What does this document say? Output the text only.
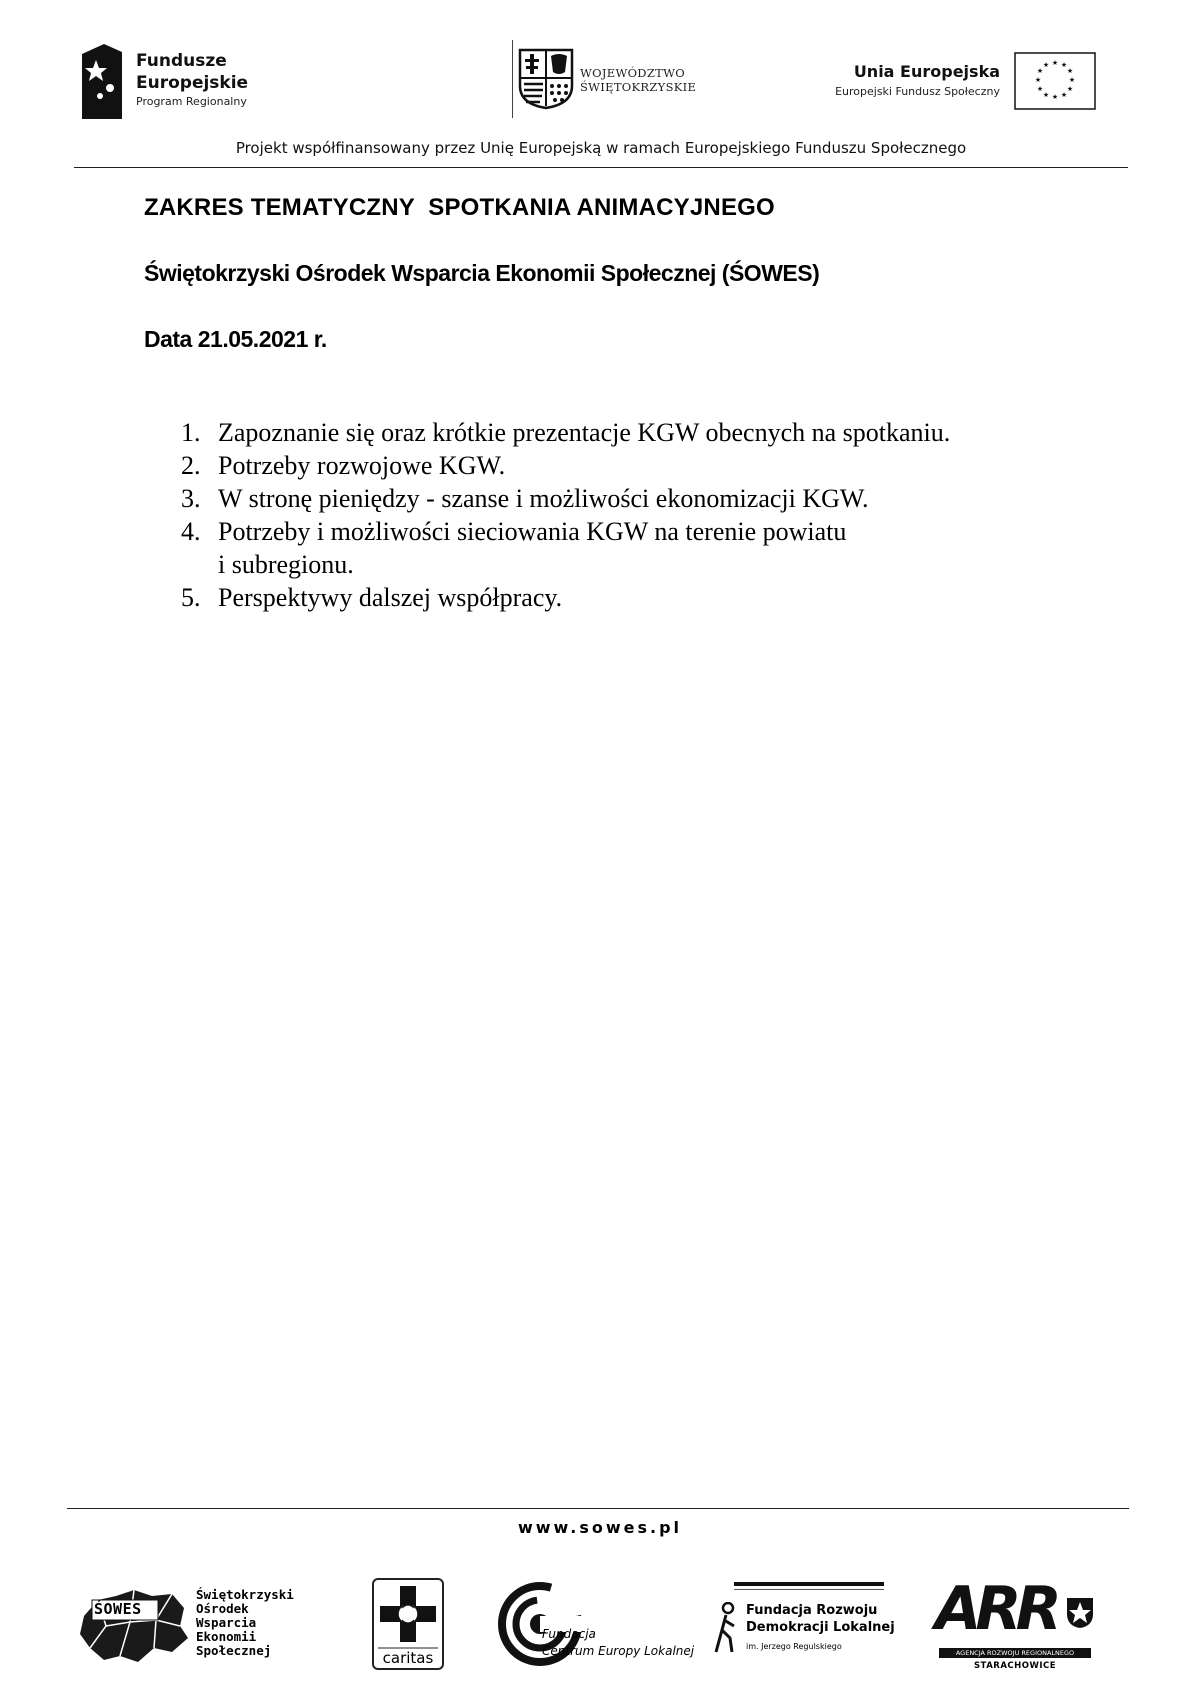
Fundusze
Europejskie
Program Regionalny
WOJEWÓDZTWO
ŚWIĘTOKRZYSKIE
Unia Europejska
Europejski Fundusz Społeczny
★ ★
★
★
★
★
★
★
★
★
★
★
Projekt współfinansowany przez Unię Europejską w ramach Europejskiego Funduszu Społecznego
ZAKRES TEMATYCZNY  SPOTKANIA ANIMACYJNEGO
Świętokrzyski Ośrodek Wsparcia Ekonomii Społecznej (ŚOWES)
Data 21.05.2021 r.
1. Zapoznanie się oraz krótkie prezentacje KGW obecnych na spotkaniu.
2. Potrzeby rozwojowe KGW.
3. W stronę pieniędzy - szanse i możliwości ekonomizacji KGW.
4. Potrzeby i możliwości sieciowania KGW na terenie powiatu
i subregionu.
5. Perspektywy dalszej współpracy.
www.sowes.pl
ŚOWES
Świętokrzyski
Ośrodek
Wsparcia
Ekonomii
Społecznej	caritas
Fundacja
Centrum Europy Lokalnej
Fundacja Rozwoju
Demokracji Lokalnej
im. Jerzego Regulskiego
ARR
AGENCJA ROZWOJU REGIONALNEGO
STARACHOWICE
